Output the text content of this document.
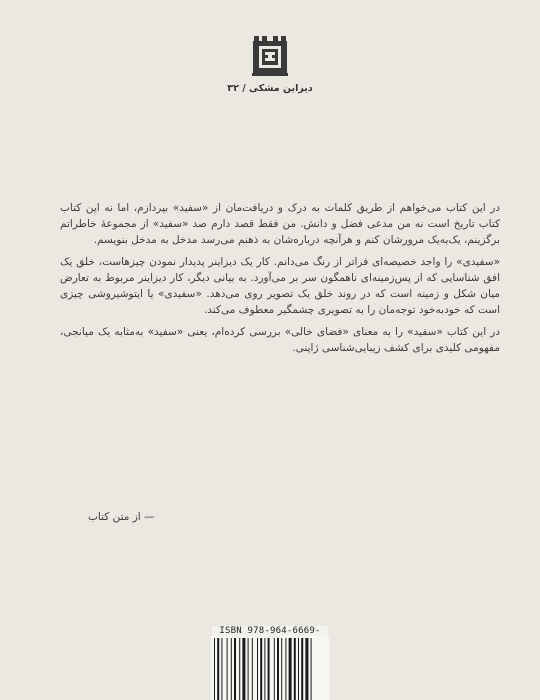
دیزاین مشکی / ۳۲

در این کتاب می‌خواهم از طریق کلمات به درک و دریافت‌مان از «سفید» بپردازم، اما نه این کتاب کتاب تاریخ است نه من مدعی فضل و دانش. من فقط قصد دارم صد «سفید» از مجموعهٔ خاطراتم برگزینم، یک‌به‌یک مرورشان کنم و هرآنچه درباره‌شان به ذهنم می‌رسد مدخل به مدخل بنویسم.

«سفیدی» را واجد خصیصه‌ای فراتر از رنگ می‌دانم. کار یک دیزاینر پدیدار نمودن چیزهاست، خلق یک افق شناسایی که از پس‌زمینه‌ای ناهمگون سر بر می‌آورد. به بیانی دیگر، کار دیزاینر مربوط به تعارض میان شکل و زمینه است که در روند خلق یک تصویر روی می‌دهد. «سفیدی» یا ایتوشیروشی چیزی است که خودبه‌خود توجه‌مان را به تصویری چشمگیر معطوف می‌کند.

در این کتاب «سفید» را به معنای «فضای خالی» بررسی کرده‌ام، یعنی «سفید» به‌مثابه یک میانجی، مفهومی کلیدی برای کشف زیبایی‌شناسی ژاپنی.

— از متن کتاب
ISBN 978-964-6669-
